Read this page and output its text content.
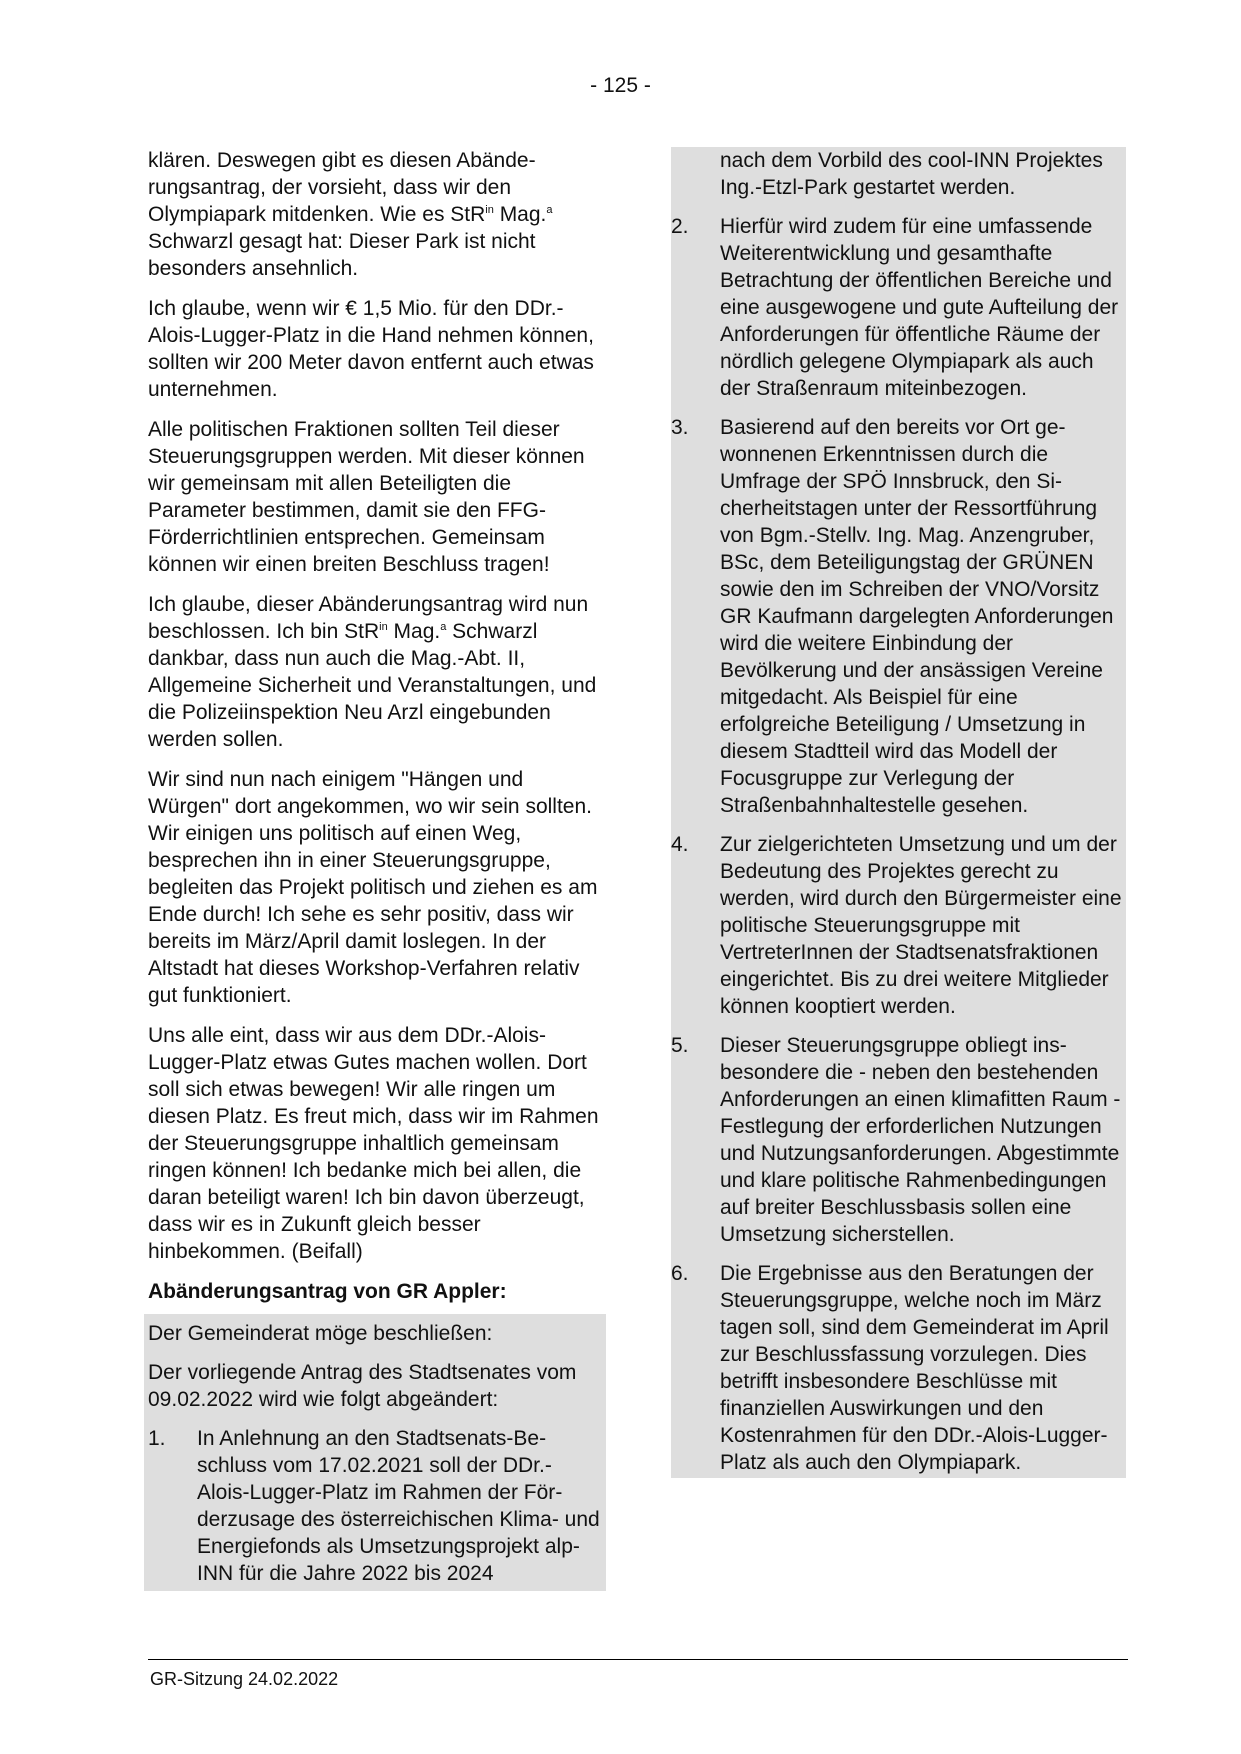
- 125 -

klären. Deswegen gibt es diesen Abänderungsantrag, der vorsieht, dass wir den Olympiapark mitdenken. Wie es StR$^{in}$ Mag.$^a$ Schwarzl gesagt hat: Dieser Park ist nicht besonders ansehnlich.

Ich glaube, wenn wir € 1,5 Mio. für den DDr.-Alois-Lugger-Platz in die Hand nehmen können, sollten wir 200 Meter davon entfernt auch etwas unternehmen.

Alle politischen Fraktionen sollten Teil dieser Steuerungsgruppen werden. Mit dieser können wir gemeinsam mit allen Beteiligten die Parameter bestimmen, damit sie den FFG-Förderrichtlinien entsprechen. Gemeinsam können wir einen breiten Beschluss tragen!

Ich glaube, dieser Abänderungsantrag wird nun beschlossen. Ich bin StR$^{in}$ Mag.$^a$ Schwarzl dankbar, dass nun auch die Mag.-Abt. II, Allgemeine Sicherheit und Veranstaltungen, und die Polizeiinspektion Neu Arzl eingebunden werden sollen.

Wir sind nun nach einigem "Hängen und Würgen" dort angekommen, wo wir sein sollten. Wir einigen uns politisch auf einen Weg, besprechen ihn in einer Steuerungsgruppe, begleiten das Projekt politisch und ziehen es am Ende durch! Ich sehe es sehr positiv, dass wir bereits im März/April damit loslegen. In der Altstadt hat dieses Workshop-Verfahren relativ gut funktioniert.

Uns alle eint, dass wir aus dem DDr.-Alois-Lugger-Platz etwas Gutes machen wollen. Dort soll sich etwas bewegen! Wir alle ringen um diesen Platz. Es freut mich, dass wir im Rahmen der Steuerungsgruppe inhaltlich gemeinsam ringen können! Ich bedanke mich bei allen, die daran beteiligt waren! Ich bin davon überzeugt, dass wir es in Zukunft gleich besser hinbekommen. (Beifall)

Abänderungsantrag von GR Appler:

Der Gemeinderat möge beschließen:

Der vorliegende Antrag des Stadtsenates vom 09.02.2022 wird wie folgt abgeändert:

1. In Anlehnung an den Stadtsenats-Beschluss vom 17.02.2021 soll der DDr.-Alois-Lugger-Platz im Rahmen der Förderzusage des österreichischen Klima- und Energiefonds als Umsetzungsprojekt alp-INN für die Jahre 2022 bis 2024
nach dem Vorbild des cool-INN Projektes Ing.-Etzl-Park gestartet werden.
2. Hierfür wird zudem für eine umfassende Weiterentwicklung und gesamthafte Betrachtung der öffentlichen Bereiche und eine ausgewogene und gute Aufteilung der Anforderungen für öffentliche Räume der nördlich gelegene Olympiapark als auch der Straßenraum miteinbezogen.
3. Basierend auf den bereits vor Ort gewonnenen Erkenntnissen durch die Umfrage der SPÖ Innsbruck, den Sicherheitstagen unter der Ressortführung von Bgm.-Stellv. Ing. Mag. Anzengruber, BSc, dem Beteiligungstag der GRÜNEN sowie den im Schreiben der VNO/Vorsitz GR Kaufmann dargelegten Anforderungen wird die weitere Einbindung der Bevölkerung und der ansässigen Vereine mitgedacht. Als Beispiel für eine erfolgreiche Beteiligung / Umsetzung in diesem Stadtteil wird das Modell der Focusgruppe zur Verlegung der Straßenbahnhaltestelle gesehen.
4. Zur zielgerichteten Umsetzung und um der Bedeutung des Projektes gerecht zu werden, wird durch den Bürgermeister eine politische Steuerungsgruppe mit VertreterInnen der Stadtsenatsfraktionen eingerichtet. Bis zu drei weitere Mitglieder können kooptiert werden.
5. Dieser Steuerungsgruppe obliegt insbesondere die - neben den bestehenden Anforderungen an einen klimafitten Raum - Festlegung der erforderlichen Nutzungen und Nutzungsanforderungen. Abgestimmte und klare politische Rahmenbedingungen auf breiter Beschlussbasis sollen eine Umsetzung sicherstellen.
6. Die Ergebnisse aus den Beratungen der Steuerungsgruppe, welche noch im März tagen soll, sind dem Gemeinderat im April zur Beschlussfassung vorzulegen. Dies betrifft insbesondere Beschlüsse mit finanziellen Auswirkungen und den Kostenrahmen für den DDr.-Alois-Lugger-Platz als auch den Olympiapark.
GR-Sitzung 24.02.2022
